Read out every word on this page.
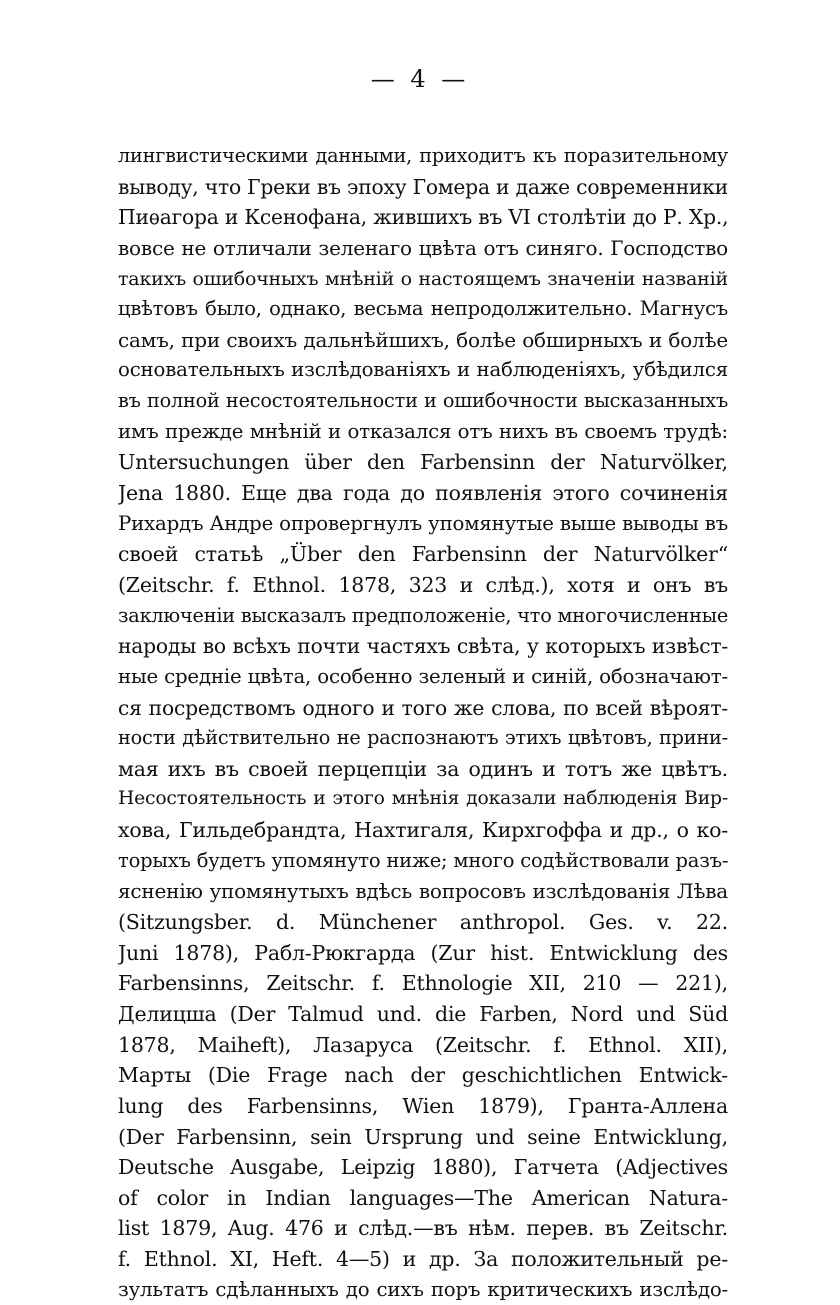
— 4 —
лингвистическими данными, приходитъ къ поразительному
выводу, что Греки въ эпоху Гомера и даже современники
Пиѳагора и Ксенофана, жившихъ въ VI столѣтіи до Р. Хр.,
вовсе не отличали зеленаго цвѣта отъ синяго. Господство
такихъ ошибочныхъ мнѣній о настоящемъ значеніи названій
цвѣтовъ было, однако, весьма непродолжительно. Магнусъ
самъ, при своихъ дальнѣйшихъ, болѣе обширныхъ и болѣе
основательныхъ изслѣдованіяхъ и наблюденіяхъ, убѣдился
въ полной несостоятельности и ошибочности высказанныхъ
имъ прежде мнѣній и отказался отъ нихъ въ своемъ трудѣ:
Untersuchungen über den Farbensinn der Naturvölker,
Jena 1880. Еще два года до появленія этого сочиненія
Рихардъ Андре опровергнулъ упомянутые выше выводы въ
своей статьѣ „Über den Farbensinn der Naturvölker“
(Zeitschr. f. Ethnol. 1878, 323 и слѣд.), хотя и онъ въ
заключеніи высказалъ предположеніе, что многочисленные
народы во всѣхъ почти частяхъ свѣта, у которыхъ извѣст-
ные средніе цвѣта, особенно зеленый и синій, обозначают-
ся посредствомъ одного и того же слова, по всей вѣроят-
ности дѣйствительно не распознаютъ этихъ цвѣтовъ, прини-
мая ихъ въ своей перцепціи за одинъ и тотъ же цвѣтъ.
Несостоятельность и этого мнѣнія доказали наблюденія Вир-
хова, Гильдебрандта, Нахтигаля, Кирхгоффа и др., о ко-
торыхъ будетъ упомянуто ниже; много содѣйствовали разъ-
ясненію упомянутыхъ вдѣсь вопросовъ изслѣдованія Лѣва
(Sitzungsber. d. Münchener anthropol. Ges. v. 22.
Juni 1878), Рабл-Рюкгарда (Zur hist. Entwicklung des
Farbensinns, Zeitschr. f. Ethnologie XII, 210 — 221),
Делицша (Der Talmud und. die Farben, Nord und Süd
1878, Maiheft), Лазаруса (Zeitschr. f. Ethnol. XII),
Марты (Die Frage nach der geschichtlichen Entwick-
lung des Farbensinns, Wien 1879), Гранта-Аллена
(Der Farbensinn, sein Ursprung und seine Entwicklung,
Deutsche Ausgabe, Leipzig 1880), Гатчета (Adjectives
of color in Indian languages—The American Natura-
list 1879, Aug. 476 и слѣд.—въ нѣм. перев. въ Zeitschr.
f. Ethnol. XI, Heft. 4—5) и др. За положительный ре-
зультатъ сдѣланныхъ до сихъ поръ критическихъ изслѣдо-
